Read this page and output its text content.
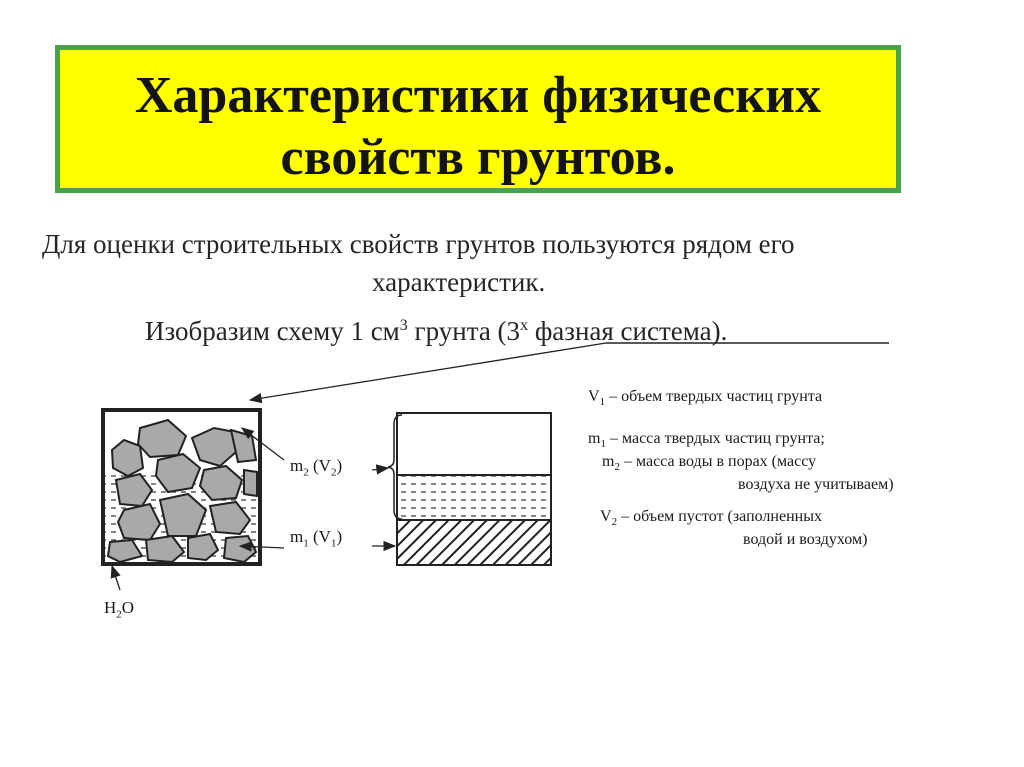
Характеристики физических
свойств грунтов.
Для оценки строительных свойств грунтов пользуются рядом его
характеристик.
Изобразим схему 1 $см^3$ грунта ($3^х$ фазная система).
$m_2$ $(V_2)$
$m_1$ $(V_1)$
$H_2O$
$V_1$ – объем твердых частиц грунта
$m_1$ – масса твердых частиц грунта;
$m_2$ – масса воды в порах (массу
воздуха не учитываем)
$V_2$ – объем пустот (заполненных
водой и воздухом)
